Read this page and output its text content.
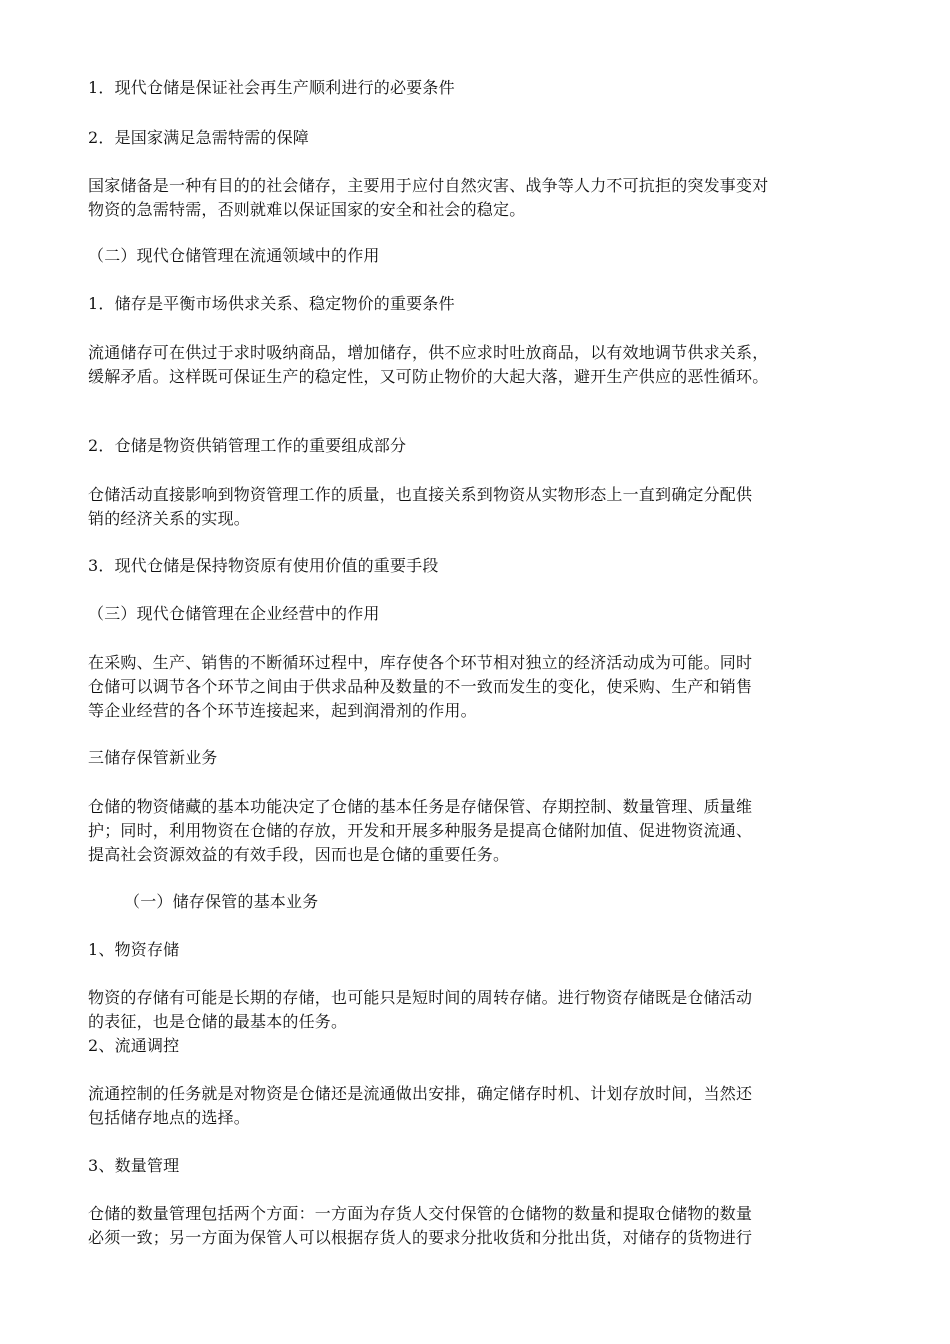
1．现代仓储是保证社会再生产顺利进行的必要条件

2．是国家满足急需特需的保障

国家储备是一种有目的的社会储存，主要用于应付自然灾害、战争等人力不可抗拒的突发事变对
物资的急需特需，否则就难以保证国家的安全和社会的稳定。

（二）现代仓储管理在流通领域中的作用

1．储存是平衡市场供求关系、稳定物价的重要条件

流通储存可在供过于求时吸纳商品，增加储存，供不应求时吐放商品，以有效地调节供求关系，
缓解矛盾。这样既可保证生产的稳定性，又可防止物价的大起大落，避开生产供应的恶性循环。

2．仓储是物资供销管理工作的重要组成部分

仓储活动直接影响到物资管理工作的质量，也直接关系到物资从实物形态上一直到确定分配供
销的经济关系的实现。

3．现代仓储是保持物资原有使用价值的重要手段

（三）现代仓储管理在企业经营中的作用

在采购、生产、销售的不断循环过程中，库存使各个环节相对独立的经济活动成为可能。同时
仓储可以调节各个环节之间由于供求品种及数量的不一致而发生的变化，使采购、生产和销售
等企业经营的各个环节连接起来，起到润滑剂的作用。

三储存保管新业务

仓储的物资储藏的基本功能决定了仓储的基本任务是存储保管、存期控制、数量管理、质量维
护；同时，利用物资在仓储的存放，开发和开展多种服务是提高仓储附加值、促进物资流通、
提高社会资源效益的有效手段，因而也是仓储的重要任务。

（一）储存保管的基本业务

1、物资存储

物资的存储有可能是长期的存储，也可能只是短时间的周转存储。进行物资存储既是仓储活动
的表征，也是仓储的最基本的任务。

2、流通调控

流通控制的任务就是对物资是仓储还是流通做出安排，确定储存时机、计划存放时间，当然还
包括储存地点的选择。

3、数量管理

仓储的数量管理包括两个方面：一方面为存货人交付保管的仓储物的数量和提取仓储物的数量
必须一致；另一方面为保管人可以根据存货人的要求分批收货和分批出货，对储存的货物进行
